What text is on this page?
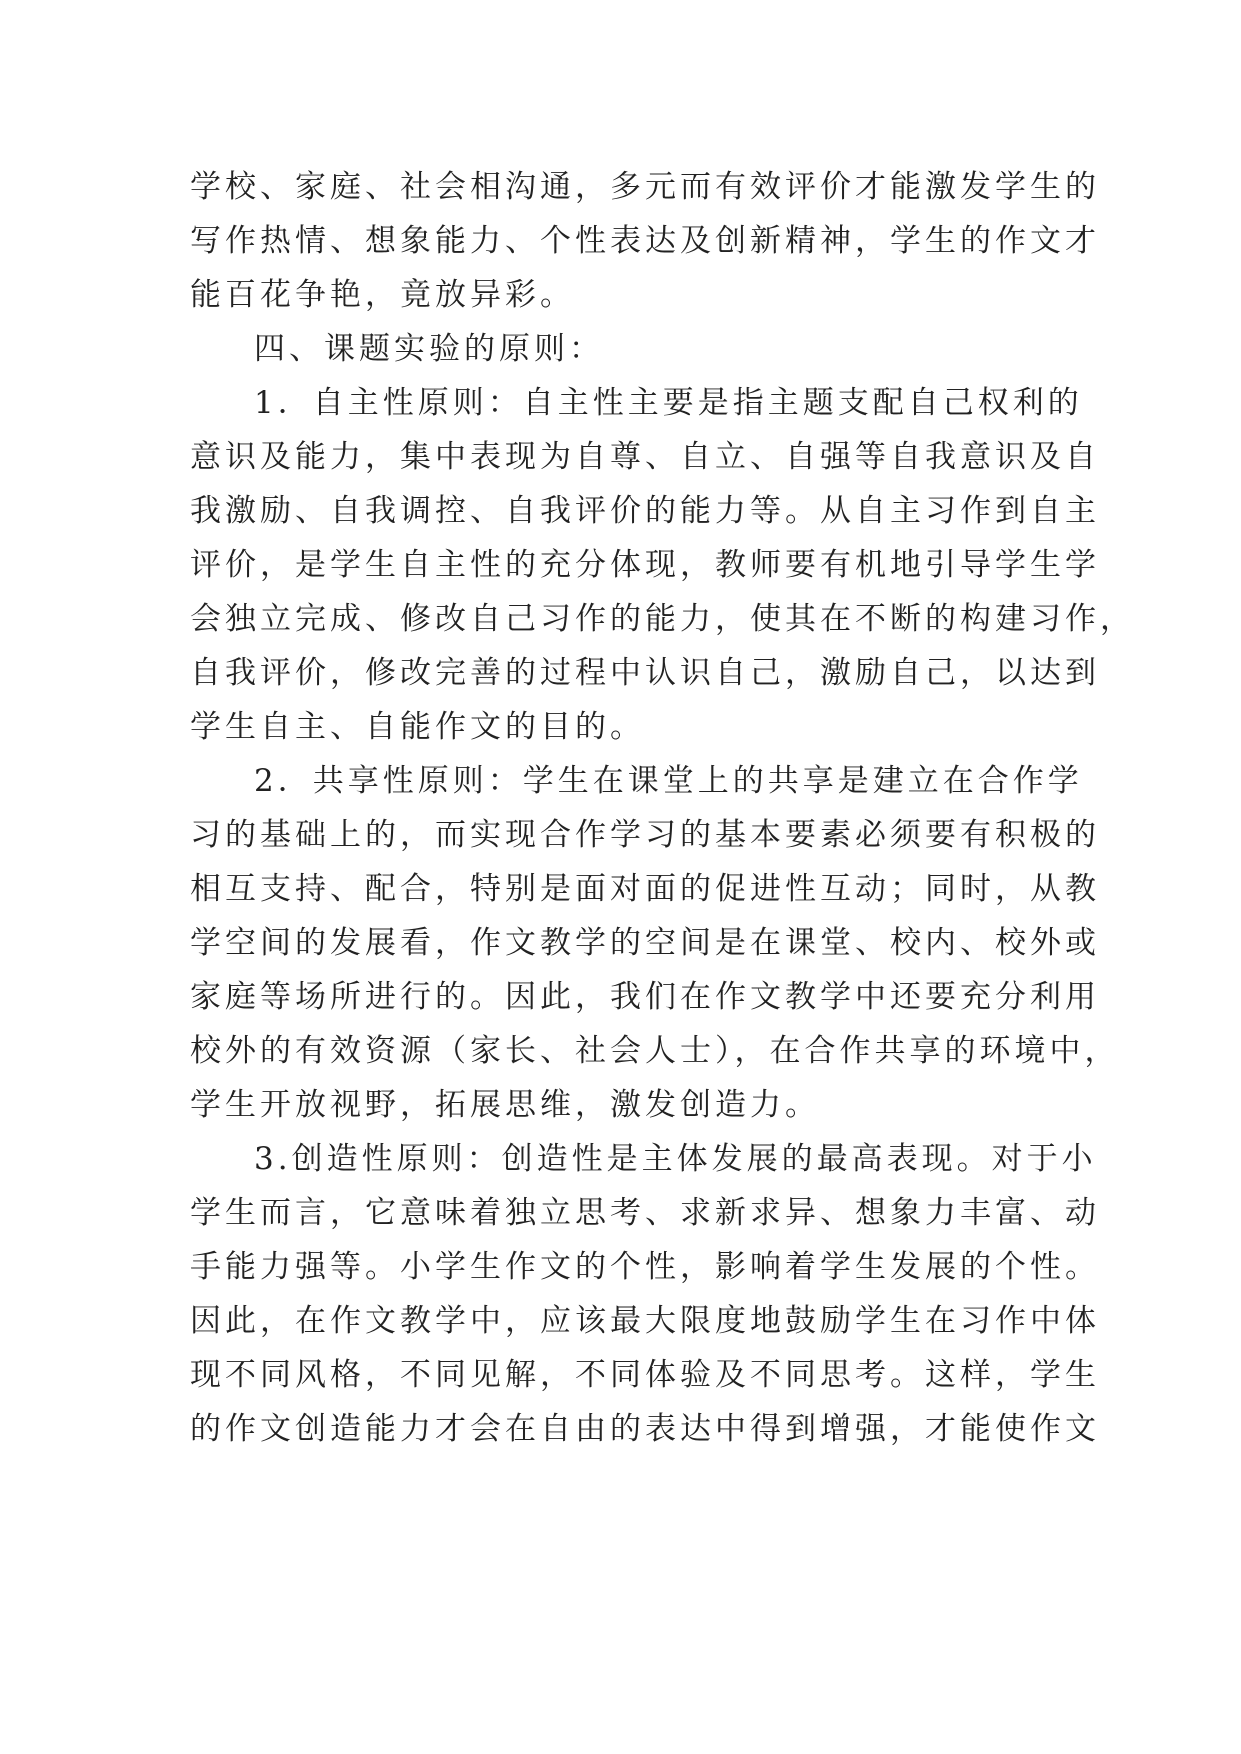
学校、家庭、社会相沟通，多元而有效评价才能激发学生的
写作热情、想象能力、个性表达及创新精神，学生的作文才
能百花争艳，竟放异彩。
四、课题实验的原则：
1．自主性原则：自主性主要是指主题支配自己权利的
意识及能力，集中表现为自尊、自立、自强等自我意识及自
我激励、自我调控、自我评价的能力等。从自主习作到自主
评价，是学生自主性的充分体现，教师要有机地引导学生学
会独立完成、修改自己习作的能力，使其在不断的构建习作，
自我评价，修改完善的过程中认识自己，激励自己，以达到
学生自主、自能作文的目的。
2．共享性原则：学生在课堂上的共享是建立在合作学
习的基础上的，而实现合作学习的基本要素必须要有积极的
相互支持、配合，特别是面对面的促进性互动；同时，从教
学空间的发展看，作文教学的空间是在课堂、校内、校外或
家庭等场所进行的。因此，我们在作文教学中还要充分利用
校外的有效资源（家长、社会人士），在合作共享的环境中，
学生开放视野，拓展思维，激发创造力。
3.创造性原则：创造性是主体发展的最高表现。对于小
学生而言，它意味着独立思考、求新求异、想象力丰富、动
手能力强等。小学生作文的个性，影响着学生发展的个性。
因此，在作文教学中，应该最大限度地鼓励学生在习作中体
现不同风格，不同见解，不同体验及不同思考。这样，学生
的作文创造能力才会在自由的表达中得到增强，才能使作文
